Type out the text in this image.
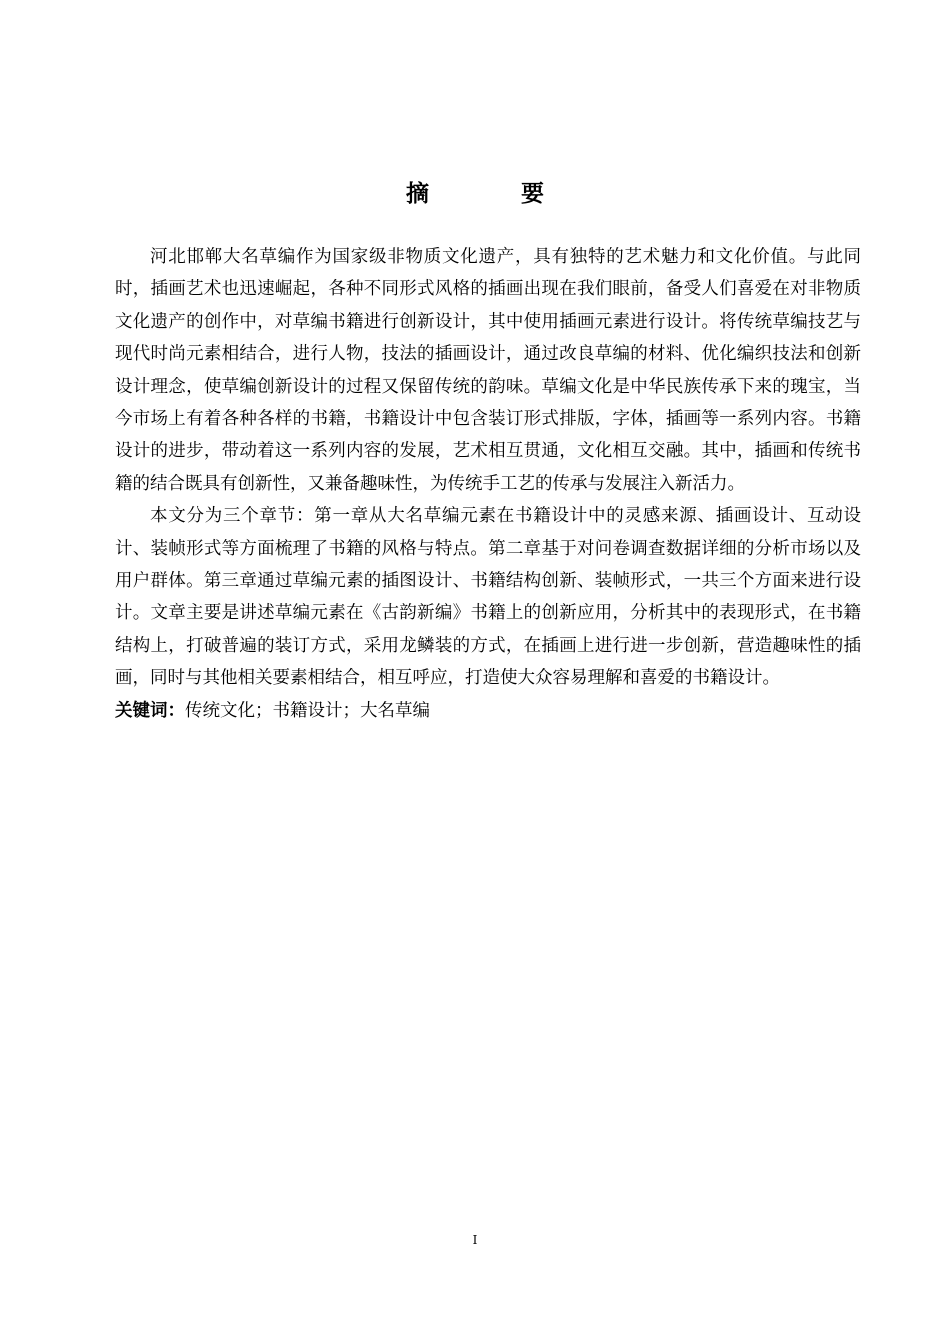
摘 要

河北邯郸大名草编作为国家级非物质文化遗产，具有独特的艺术魅力和文化价值。与此同时，插画艺术也迅速崛起，各种不同形式风格的插画出现在我们眼前，备受人们喜爱在对非物质文化遗产的创作中，对草编书籍进行创新设计，其中使用插画元素进行设计。将传统草编技艺与现代时尚元素相结合，进行人物，技法的插画设计，通过改良草编的材料、优化编织技法和创新设计理念，使草编创新设计的过程又保留传统的韵味。草编文化是中华民族传承下来的瑰宝，当今市场上有着各种各样的书籍，书籍设计中包含装订形式排版，字体，插画等一系列内容。书籍设计的进步，带动着这一系列内容的发展，艺术相互贯通，文化相互交融。其中，插画和传统书籍的结合既具有创新性，又兼备趣味性，为传统手工艺的传承与发展注入新活力。

本文分为三个章节：第一章从大名草编元素在书籍设计中的灵感来源、插画设计、互动设计、装帧形式等方面梳理了书籍的风格与特点。第二章基于对问卷调查数据详细的分析市场以及用户群体。第三章通过草编元素的插图设计、书籍结构创新、装帧形式，一共三个方面来进行设计。文章主要是讲述草编元素在《古韵新编》书籍上的创新应用，分析其中的表现形式，在书籍结构上，打破普遍的装订方式，采用龙鳞装的方式，在插画上进行进一步创新，营造趣味性的插画，同时与其他相关要素相结合，相互呼应，打造使大众容易理解和喜爱的书籍设计。

关键词：传统文化；书籍设计；大名草编

I
